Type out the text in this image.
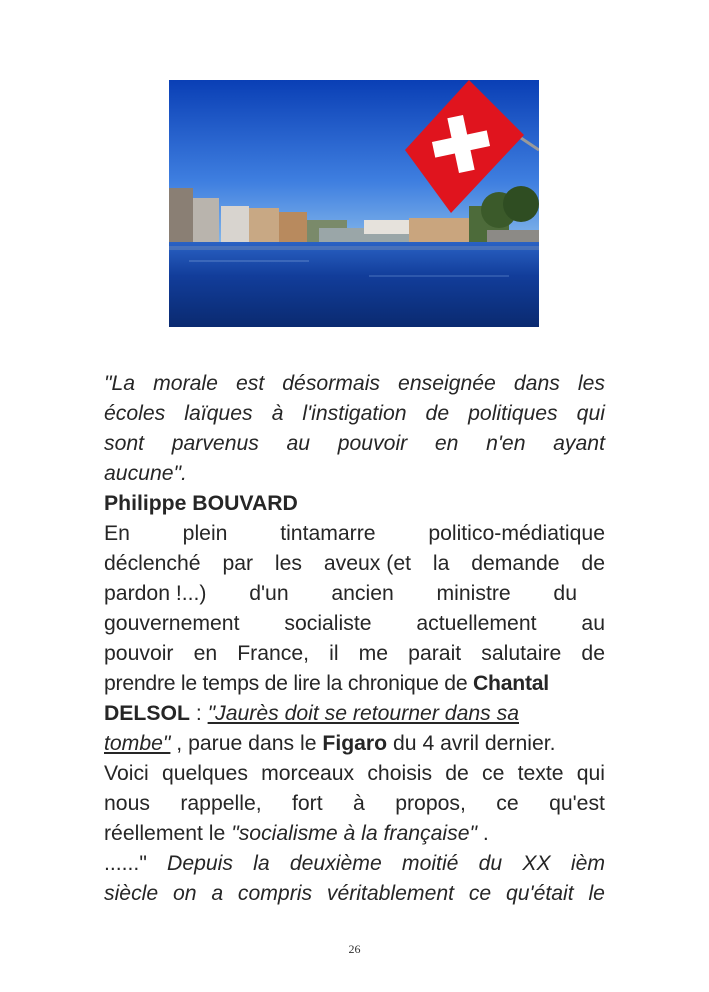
"La morale est désormais enseignée dans les
écoles laïques à l'instigation de politiques qui
sont parvenus au pouvoir en n'en ayant
aucune".
Philippe BOUVARD
En plein tintamarre politico-médiatique
déclenché par les aveux (et la demande de
pardon !...) d'un ancien ministre du
gouvernement socialiste actuellement au
pouvoir en France, il me parait salutaire de
prendre le temps de lire la chronique de Chantal
DELSOL : "Jaurès doit se retourner dans sa
tombe" , parue dans le Figaro du 4 avril dernier.
Voici quelques morceaux choisis de ce texte qui
nous rappelle, fort à propos, ce qu'est
réellement le "socialisme à la française" .
......" Depuis la deuxième moitié du XX ièm
siècle on a compris véritablement ce qu'était le
26
